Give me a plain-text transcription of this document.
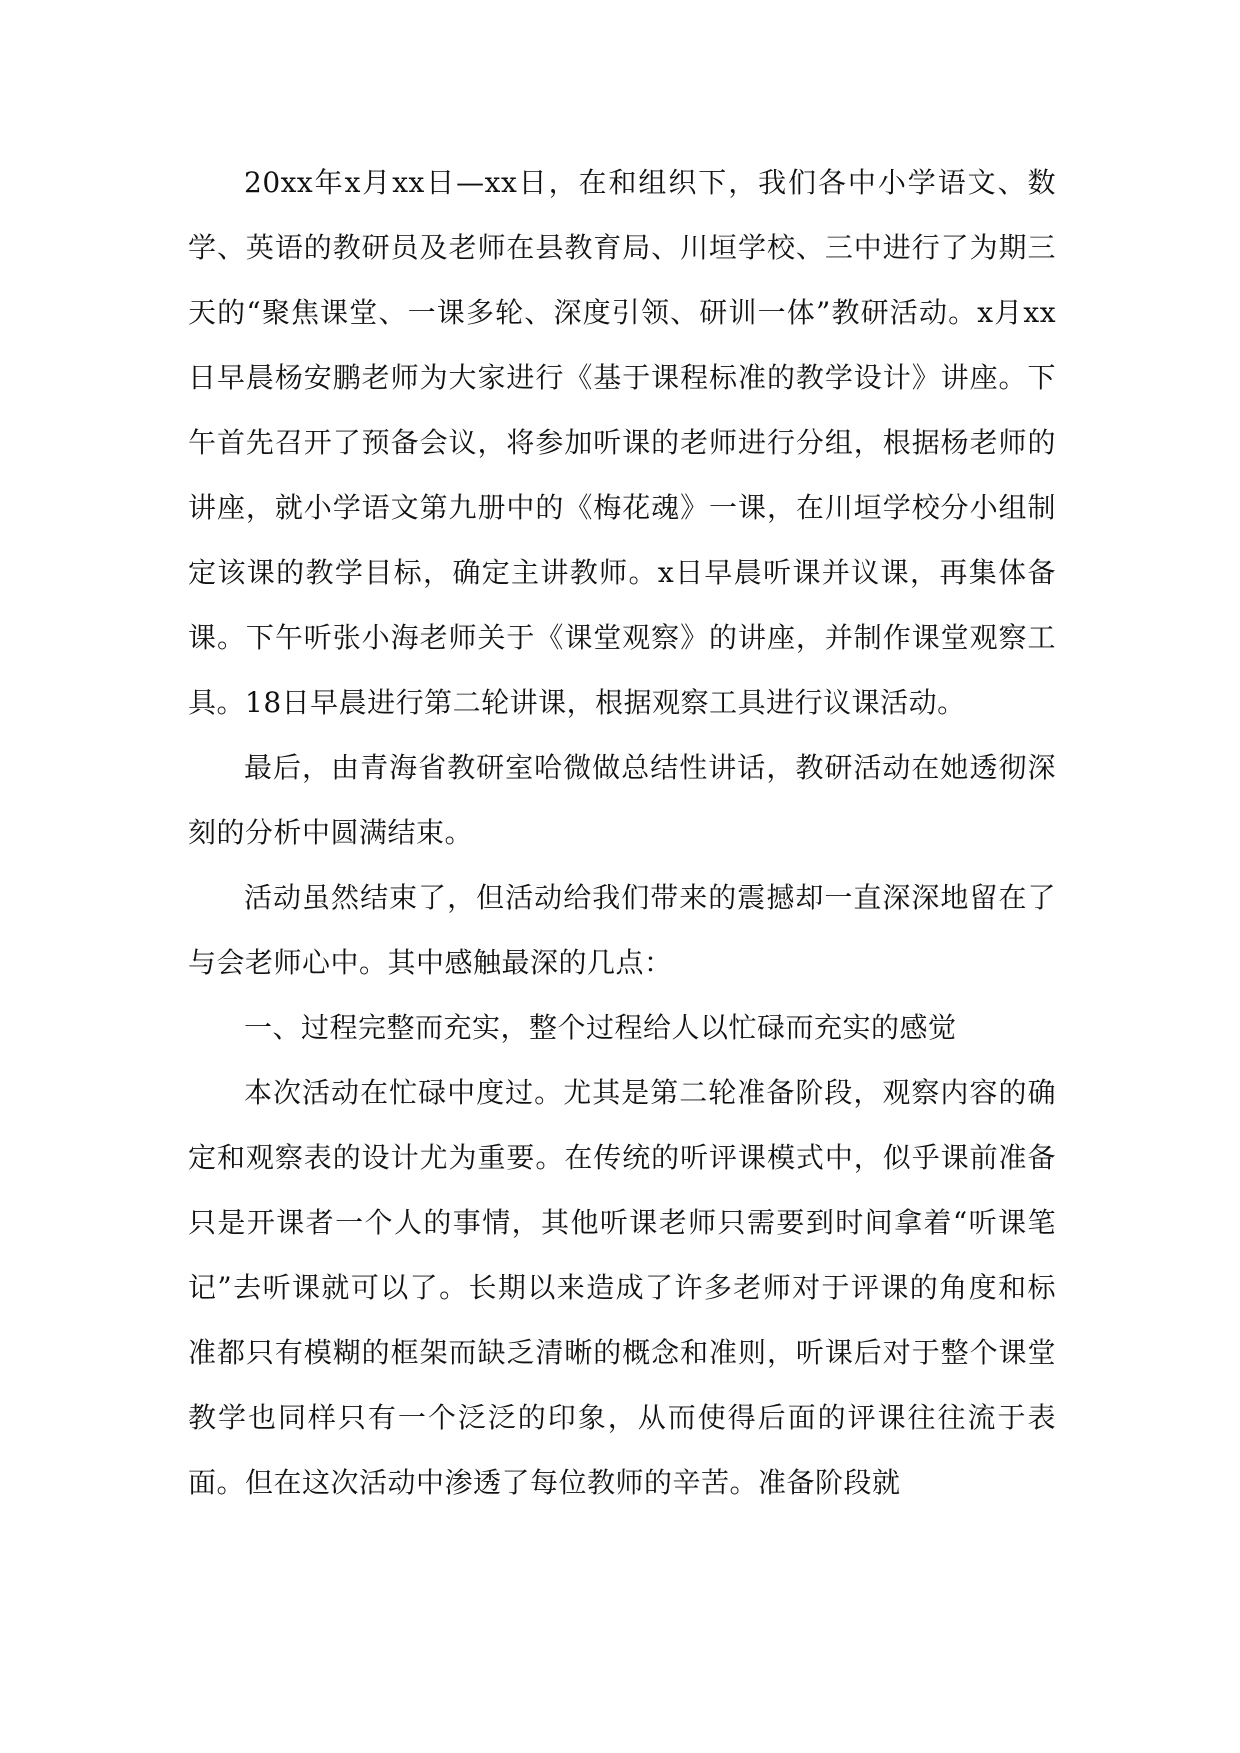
20xx年x月xx日—xx日，在和组织下，我们各中小学语文、数学、英语的教研员及老师在县教育局、川垣学校、三中进行了为期三天的“聚焦课堂、一课多轮、深度引领、研训一体”教研活动。x月xx日早晨杨安鹏老师为大家进行《基于课程标准的教学设计》讲座。下午首先召开了预备会议，将参加听课的老师进行分组，根据杨老师的讲座，就小学语文第九册中的《梅花魂》一课，在川垣学校分小组制定该课的教学目标，确定主讲教师。x日早晨听课并议课，再集体备课。下午听张小海老师关于《课堂观察》的讲座，并制作课堂观察工具。18日早晨进行第二轮讲课，根据观察工具进行议课活动。

最后，由青海省教研室哈微做总结性讲话，教研活动在她透彻深刻的分析中圆满结束。

活动虽然结束了，但活动给我们带来的震撼却一直深深地留在了与会老师心中。其中感触最深的几点：

一、过程完整而充实，整个过程给人以忙碌而充实的感觉

本次活动在忙碌中度过。尤其是第二轮准备阶段，观察内容的确定和观察表的设计尤为重要。在传统的听评课模式中，似乎课前准备只是开课者一个人的事情，其他听课老师只需要到时间拿着“听课笔记”去听课就可以了。长期以来造成了许多老师对于评课的角度和标准都只有模糊的框架而缺乏清晰的概念和准则，听课后对于整个课堂教学也同样只有一个泛泛的印象，从而使得后面的评课往往流于表面。但在这次活动中渗透了每位教师的辛苦。准备阶段就
